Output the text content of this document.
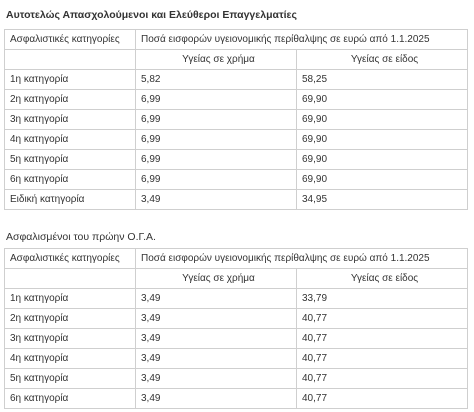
Αυτοτελώς Απασχολούμενοι και Ελεύθεροι Επαγγελματίες
Ασφαλιστικές κατηγορίες	Ποσά εισφορών υγειονομικής περίθαλψης σε ευρώ από 1.1.2025	
	Υγείας σε χρήμα	Υγείας σε είδος
1η κατηγορία	5,82	58,25
2η κατηγορία	6,99	69,90
3η κατηγορία	6,99	69,90
4η κατηγορία	6,99	69,90
5η κατηγορία	6,99	69,90
6η κατηγορία	6,99	69,90
Ειδική κατηγορία	3,49	34,95
Ασφαλισμένοι του πρώην Ο.Γ.Α.
Ασφαλιστικές κατηγορίες	Ποσά εισφορών υγειονομικής περίθαλψης σε ευρώ από 1.1.2025	
	Υγείας σε χρήμα	Υγείας σε είδος
1η κατηγορία	3,49	33,79
2η κατηγορία	3,49	40,77
3η κατηγορία	3,49	40,77
4η κατηγορία	3,49	40,77
5η κατηγορία	3,49	40,77
6η κατηγορία	3,49	40,77
